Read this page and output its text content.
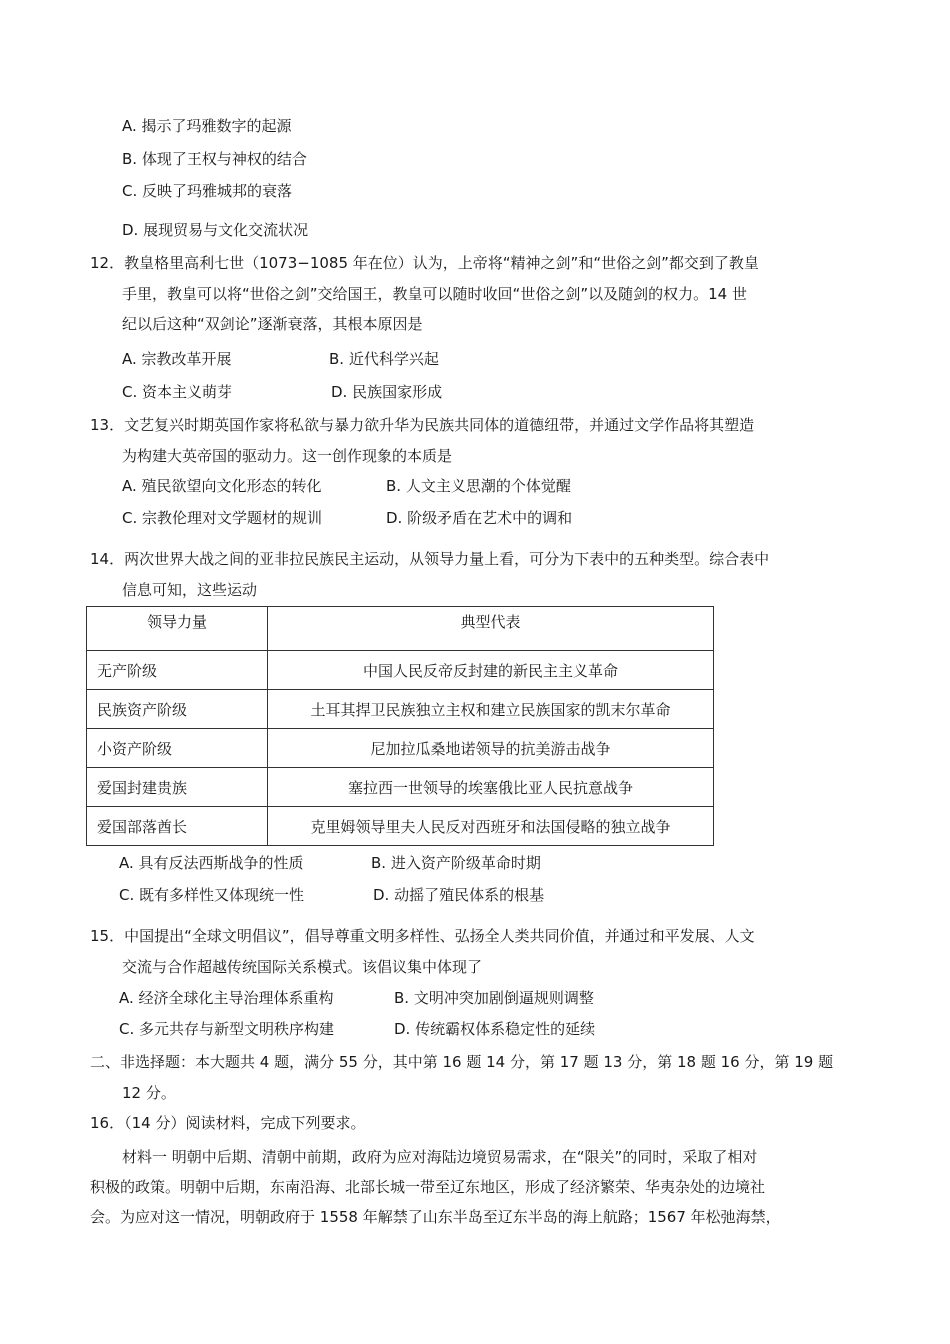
A. 揭示了玛雅数字的起源
B. 体现了王权与神权的结合
C. 反映了玛雅城邦的衰落
D. 展现贸易与文化交流状况
12．教皇格里高利七世（1073−1085 年在位）认为，上帝将“精神之剑”和“世俗之剑”都交到了教皇
手里，教皇可以将“世俗之剑”交给国王，教皇可以随时收回“世俗之剑”以及随剑的权力。14 世
纪以后这种“双剑论”逐渐衰落，其根本原因是
A. 宗教改革开展	B. 近代科学兴起
C. 资本主义萌芽	D. 民族国家形成
13．文艺复兴时期英国作家将私欲与暴力欲升华为民族共同体的道德纽带，并通过文学作品将其塑造
为构建大英帝国的驱动力。这一创作现象的本质是
A. 殖民欲望向文化形态的转化	B. 人文主义思潮的个体觉醒
C. 宗教伦理对文学题材的规训	D. 阶级矛盾在艺术中的调和
14．两次世界大战之间的亚非拉民族民主运动，从领导力量上看，可分为下表中的五种类型。综合表中
信息可知，这些运动
领导力量	典型代表
无产阶级	中国人民反帝反封建的新民主主义革命
民族资产阶级	土耳其捍卫民族独立主权和建立民族国家的凯末尔革命
小资产阶级	尼加拉瓜桑地诺领导的抗美游击战争
爱国封建贵族	塞拉西一世领导的埃塞俄比亚人民抗意战争
爱国部落酋长	克里姆领导里夫人民反对西班牙和法国侵略的独立战争
A. 具有反法西斯战争的性质	B. 进入资产阶级革命时期
C. 既有多样性又体现统一性	D. 动摇了殖民体系的根基
15．中国提出“全球文明倡议”，倡导尊重文明多样性、弘扬全人类共同价值，并通过和平发展、人文
交流与合作超越传统国际关系模式。该倡议集中体现了
A. 经济全球化主导治理体系重构	B. 文明冲突加剧倒逼规则调整
C. 多元共存与新型文明秩序构建	D. 传统霸权体系稳定性的延续
二、非选择题：本大题共 4 题，满分 55 分，其中第 16 题 14 分，第 17 题 13 分，第 18 题 16 分，第 19 题
12 分。
16．（14 分）阅读材料，完成下列要求。
材料一 明朝中后期、清朝中前期，政府为应对海陆边境贸易需求，在“限关”的同时，采取了相对
积极的政策。明朝中后期，东南沿海、北部长城一带至辽东地区，形成了经济繁荣、华夷杂处的边境社
会。为应对这一情况，明朝政府于 1558 年解禁了山东半岛至辽东半岛的海上航路；1567 年松弛海禁，
